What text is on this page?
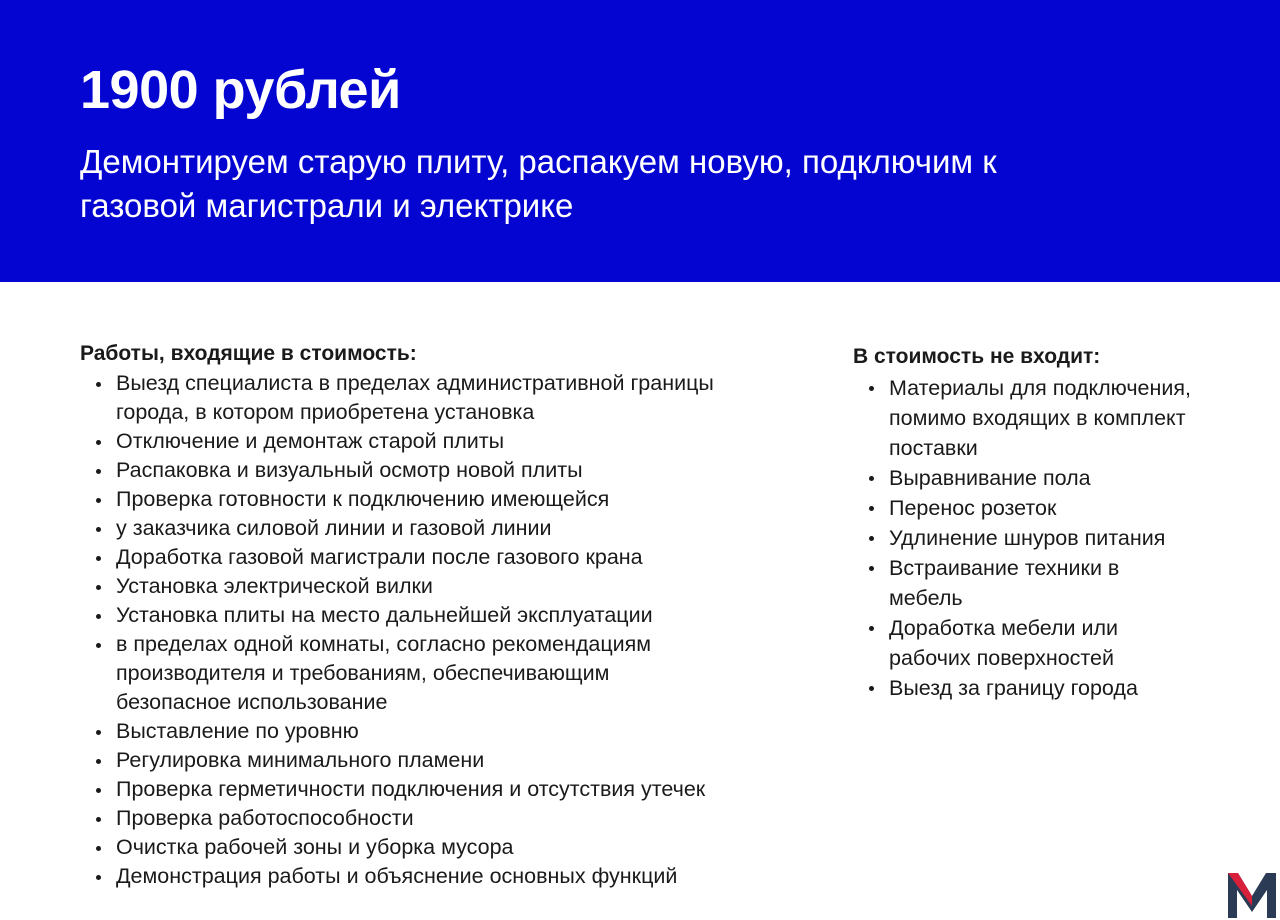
1900 рублей

Демонтируем старую плиту, распакуем новую, подключим к газовой магистрали и электрике

Работы, входящие в стоимость:
Выезд специалиста в пределах административной границы
города, в котором приобретена установка
Отключение и демонтаж старой плиты
Распаковка и визуальный осмотр новой плиты
Проверка готовности к подключению имеющейся
у заказчика силовой линии и газовой линии
Доработка газовой магистрали после газового крана
Установка электрической вилки
Установка плиты на место дальнейшей эксплуатации
в пределах одной комнаты, согласно рекомендациям
производителя и требованиям, обеспечивающим
безопасное использование
Выставление по уровню
Регулировка минимального пламени
Проверка герметичности подключения и отсутствия утечек
Проверка работоспособности
Очистка рабочей зоны и уборка мусора
Демонстрация работы и объяснение основных функций
В стоимость не входит:
Материалы для подключения,
помимо входящих в комплект
поставки
Выравнивание пола
Перенос розеток
Удлинение шнуров питания
Встраивание техники в
мебель
Доработка мебели или
рабочих поверхностей
Выезд за границу города
